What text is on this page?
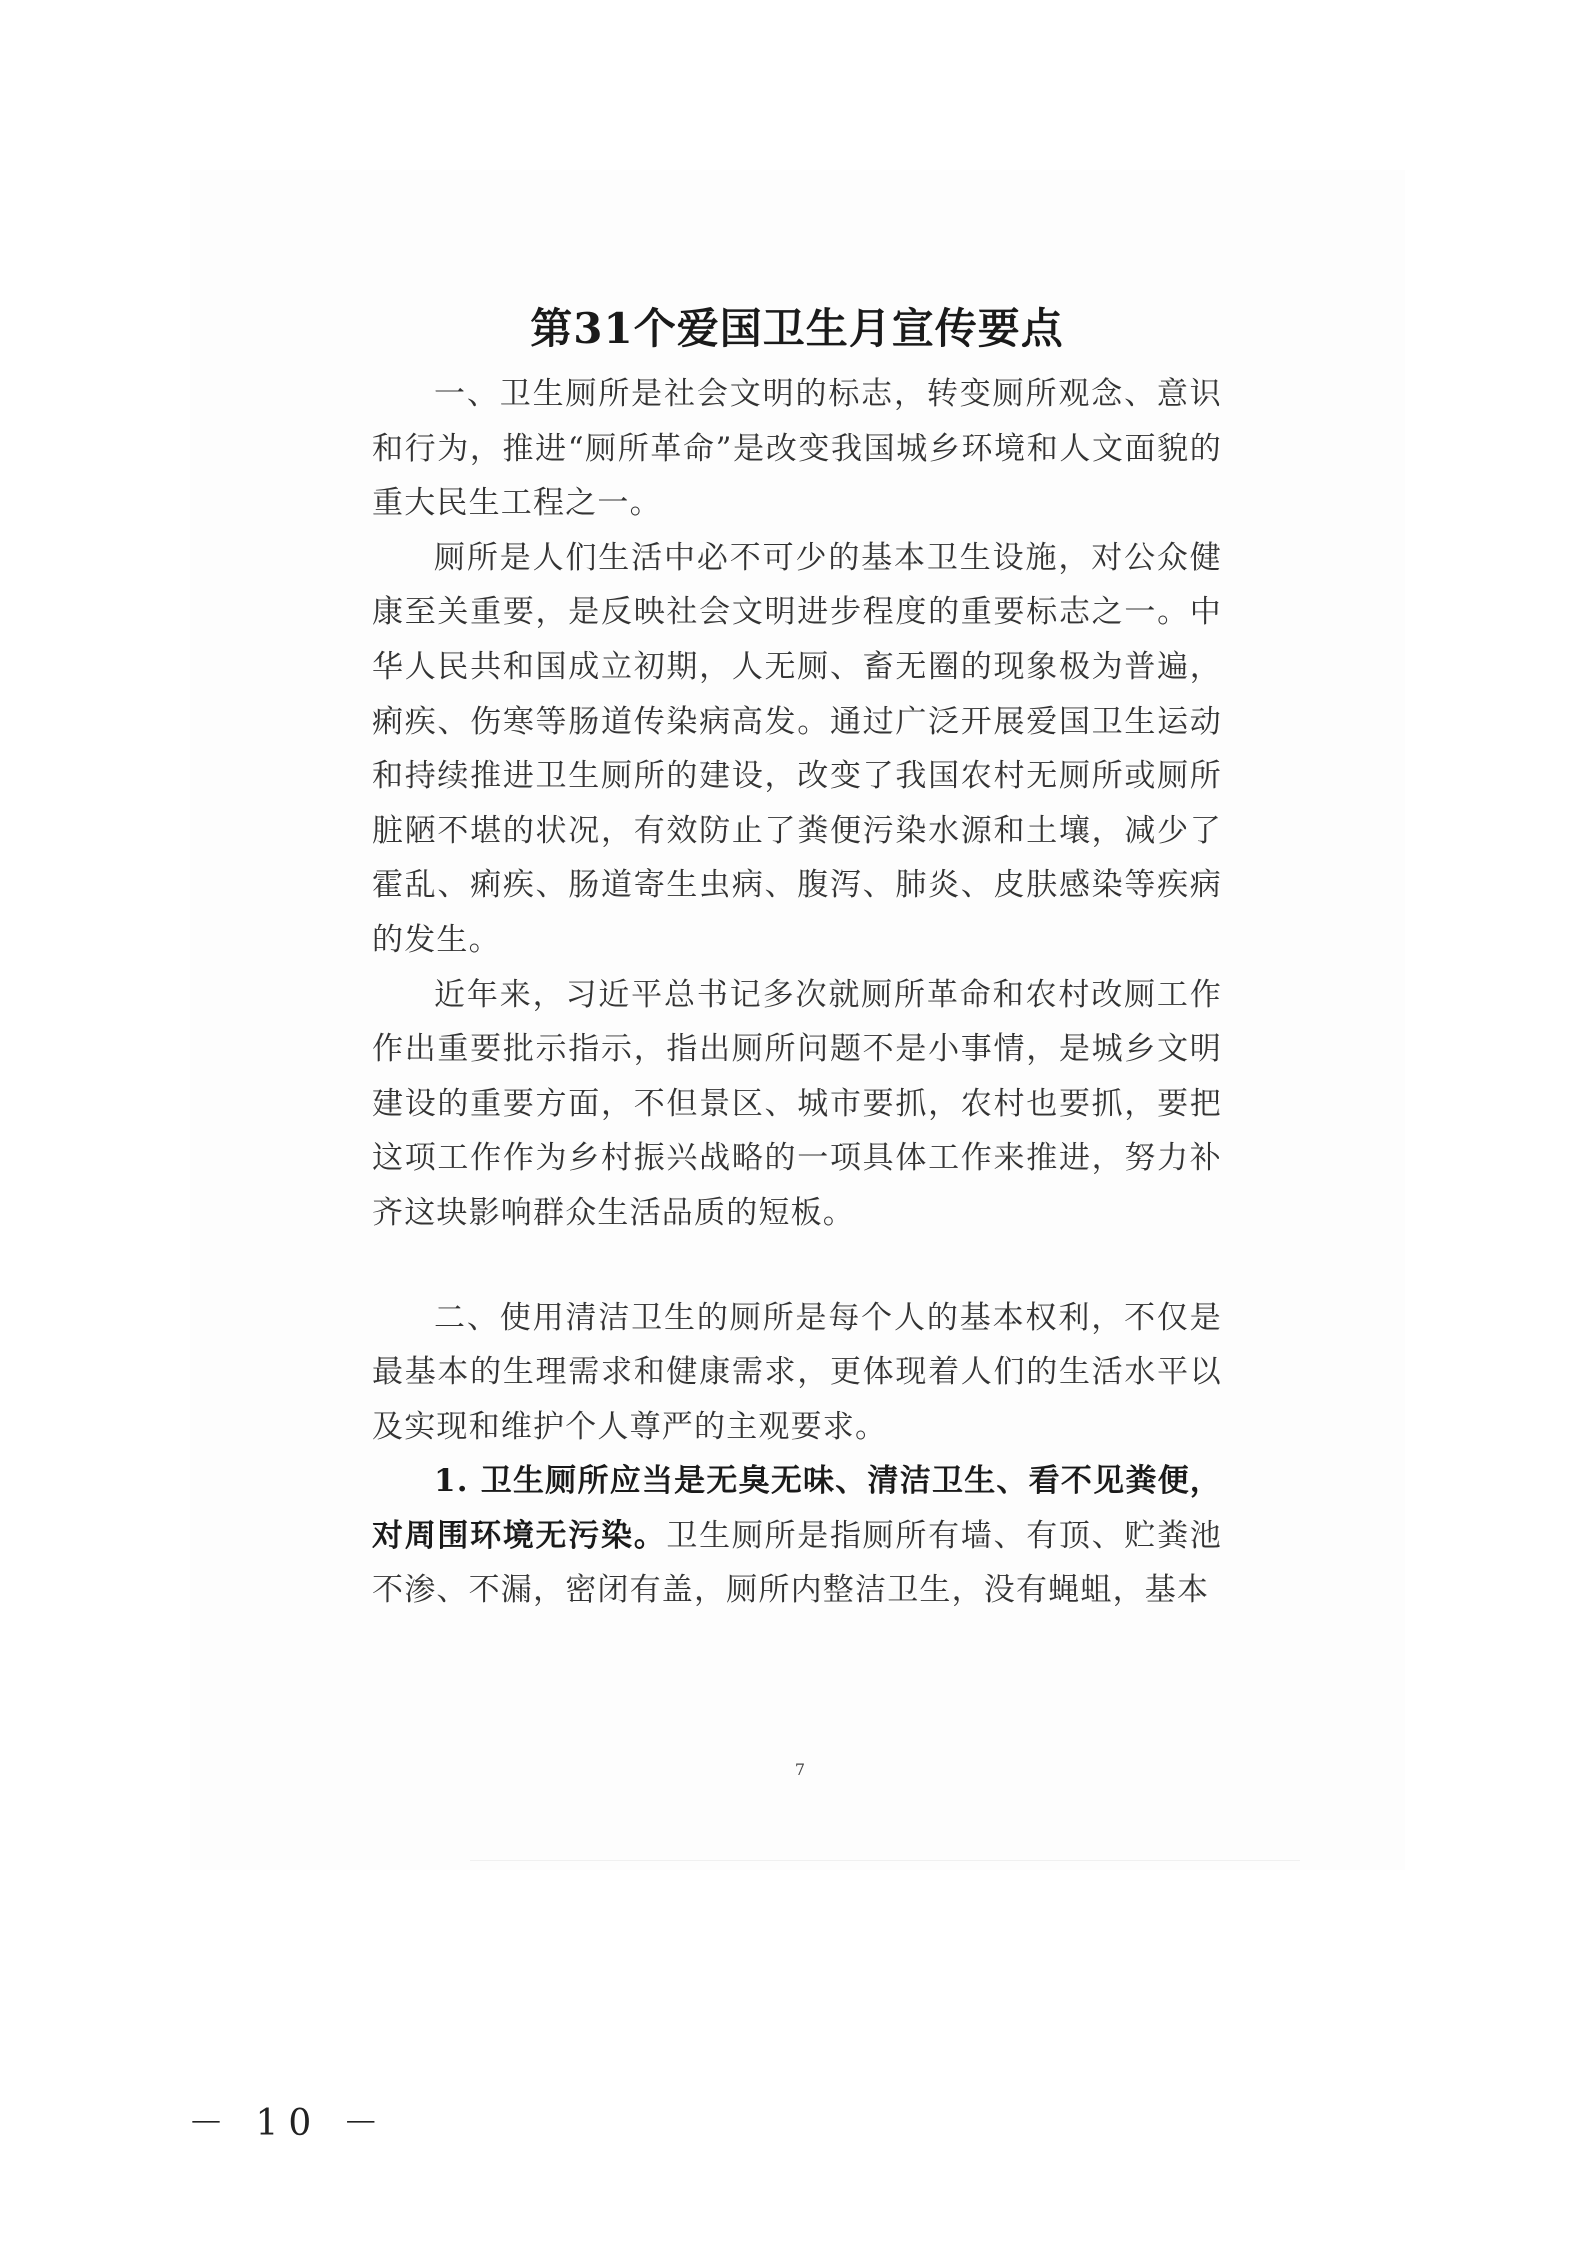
第31个爱国卫生月宣传要点

一、卫生厕所是社会文明的标志，转变厕所观念、意识和行为，推进“厕所革命”是改变我国城乡环境和人文面貌的重大民生工程之一。

厕所是人们生活中必不可少的基本卫生设施，对公众健康至关重要，是反映社会文明进步程度的重要标志之一。中华人民共和国成立初期，人无厕、畜无圈的现象极为普遍，痢疾、伤寒等肠道传染病高发。通过广泛开展爱国卫生运动和持续推进卫生厕所的建设，改变了我国农村无厕所或厕所脏陋不堪的状况，有效防止了粪便污染水源和土壤，减少了霍乱、痢疾、肠道寄生虫病、腹泻、肺炎、皮肤感染等疾病的发生。

近年来，习近平总书记多次就厕所革命和农村改厕工作作出重要批示指示，指出厕所问题不是小事情，是城乡文明建设的重要方面，不但景区、城市要抓，农村也要抓，要把这项工作作为乡村振兴战略的一项具体工作来推进，努力补齐这块影响群众生活品质的短板。

二、使用清洁卫生的厕所是每个人的基本权利，不仅是最基本的生理需求和健康需求，更体现着人们的生活水平以及实现和维护个人尊严的主观要求。

1. 卫生厕所应当是无臭无味、清洁卫生、看不见粪便，对周围环境无污染。卫生厕所是指厕所有墙、有顶、贮粪池不渗、不漏，密闭有盖，厕所内整洁卫生，没有蝇蛆，基本

7
－ 10 －
